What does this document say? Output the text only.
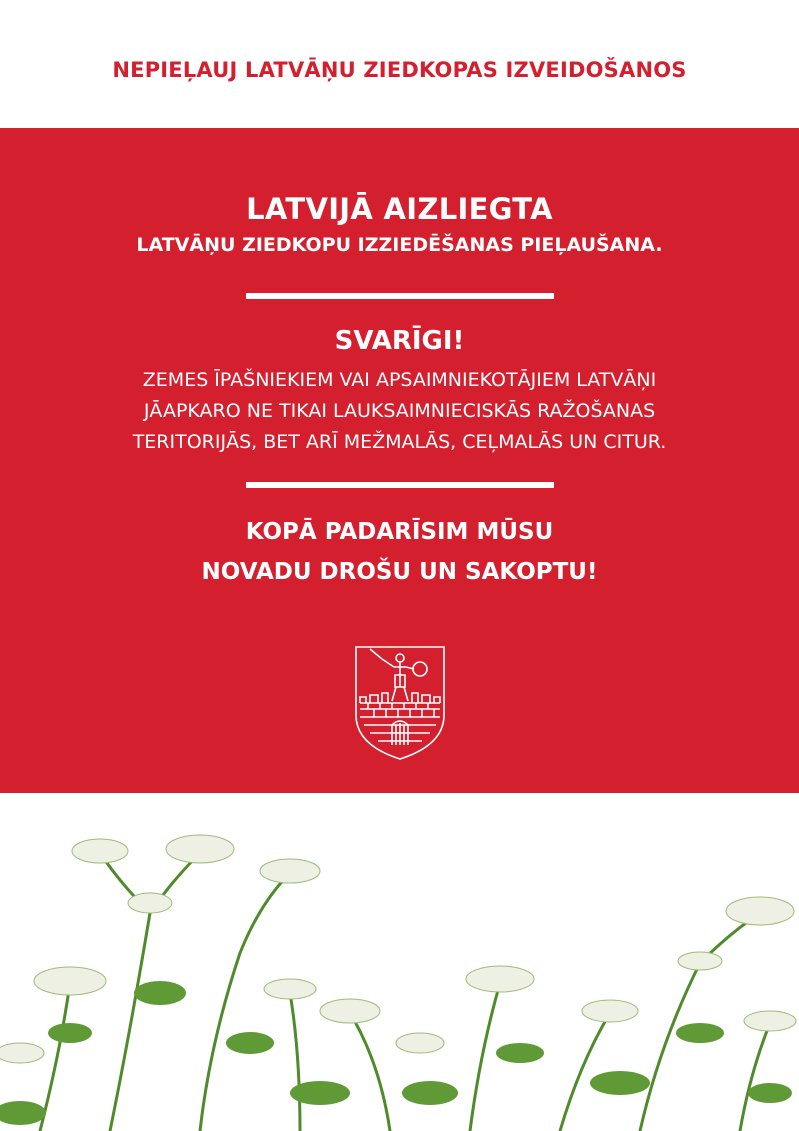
NEPIEĻAUJ LATVĀŅU ZIEDKOPAS IZVEIDOŠANOS
LATVIJĀ AIZLIEGTA
LATVĀŅU ZIEDKOPU IZZIEDĒŠANAS PIEĻAUŠANA.
SVARĪGI!
ZEMES ĪPAŠNIEKIEM VAI APSAIMNIEKOTĀJIEM LATVĀŅI
JĀAPKARO NE TIKAI LAUKSAIMNIECISKĀS RAŽOŠANAS
TERITORIJĀS, BET ARĪ MEŽMALĀS, CEĻMALĀS UN CITUR.
KOPĀ PADARĪSIM MŪSU
NOVADU DROŠU UN SAKOPTU!
